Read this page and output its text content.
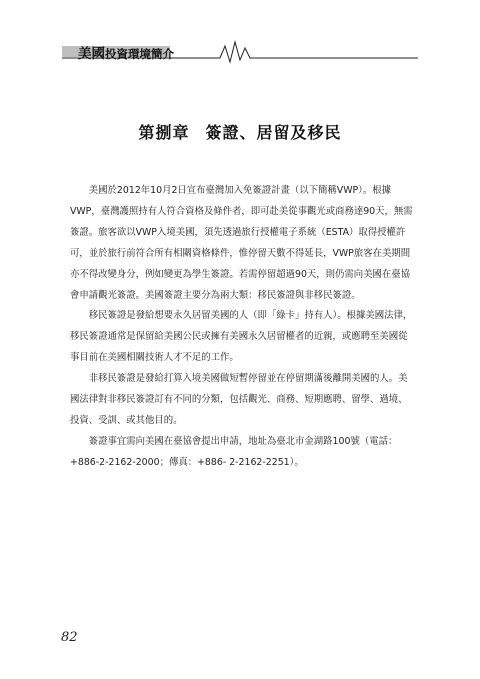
美國投資環境簡介
第捌章 簽證、居留及移民

美國於2012年10月2日宣布臺灣加入免簽證計畫（以下簡稱VWP）。根據VWP，臺灣護照持有人符合資格及條件者，即可赴美從事觀光或商務達90天，無需簽證。旅客欲以VWP入境美國，須先透過旅行授權電子系統（ESTA）取得授權許可，並於旅行前符合所有相關資格條件，惟停留天數不得延長，VWP旅客在美期間亦不得改變身分，例如變更為學生簽證。若需停留超過90天，則仍需向美國在臺協會申請觀光簽證。美國簽證主要分為兩大類：移民簽證與非移民簽證。

移民簽證是發給想要永久居留美國的人（即「綠卡」持有人）。根據美國法律，移民簽證通常是保留給美國公民或擁有美國永久居留權者的近親，或應聘至美國從事目前在美國相關技術人才不足的工作。

非移民簽證是發給打算入境美國做短暫停留並在停留期滿後離開美國的人。美國法律對非移民簽證訂有不同的分類，包括觀光、商務、短期應聘、留學、過境、投資、受訓、或其他目的。

簽證事宜需向美國在臺協會提出申請，地址為臺北市金湖路100號（電話：+886-2-2162-2000；傳真：+886- 2-2162-2251）。

82
